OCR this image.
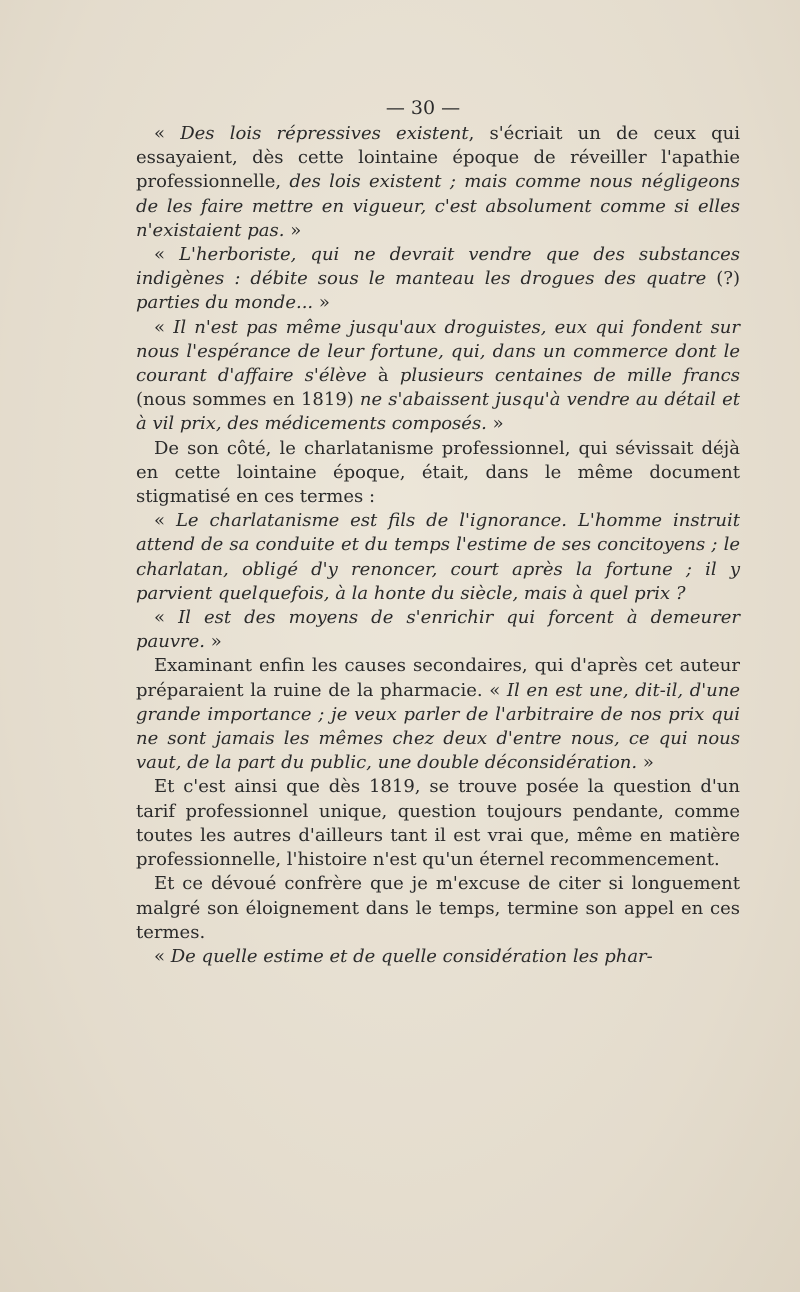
— 30 —

« Des lois répressives existent, s'écriait un de ceux qui essayaient, dès cette lointaine époque de réveiller l'apathie professionnelle, des lois existent ; mais comme nous négligeons de les faire mettre en vigueur, c'est absolument comme si elles n'existaient pas. »

« L'herboriste, qui ne devrait vendre que des substances indigènes : débite sous le manteau les drogues des quatre (?) parties du monde... »

« Il n'est pas même jusqu'aux droguistes, eux qui fondent sur nous l'espérance de leur fortune, qui, dans un commerce dont le courant d'affaire s'élève à plusieurs centaines de mille francs (nous sommes en 1819) ne s'abaissent jusqu'à vendre au détail et à vil prix, des médicements composés. »

De son côté, le charlatanisme professionnel, qui sévissait déjà en cette lointaine époque, était, dans le même document stigmatisé en ces termes :

« Le charlatanisme est fils de l'ignorance. L'homme instruit attend de sa conduite et du temps l'estime de ses concitoyens ; le charlatan, obligé d'y renoncer, court après la fortune ; il y parvient quelquefois, à la honte du siècle, mais à quel prix ?

« Il est des moyens de s'enrichir qui forcent à demeurer pauvre. »

Examinant enfin les causes secondaires, qui d'après cet auteur préparaient la ruine de la pharmacie. « Il en est une, dit-il, d'une grande importance ; je veux parler de l'arbitraire de nos prix qui ne sont jamais les mêmes chez deux d'entre nous, ce qui nous vaut, de la part du public, une double déconsidération. »

Et c'est ainsi que dès 1819, se trouve posée la question d'un tarif professionnel unique, question toujours pendante, comme toutes les autres d'ailleurs tant il est vrai que, même en matière professionnelle, l'histoire n'est qu'un éternel recommencement.

Et ce dévoué confrère que je m'excuse de citer si longuement malgré son éloignement dans le temps, termine son appel en ces termes.

« De quelle estime et de quelle considération les phar-
